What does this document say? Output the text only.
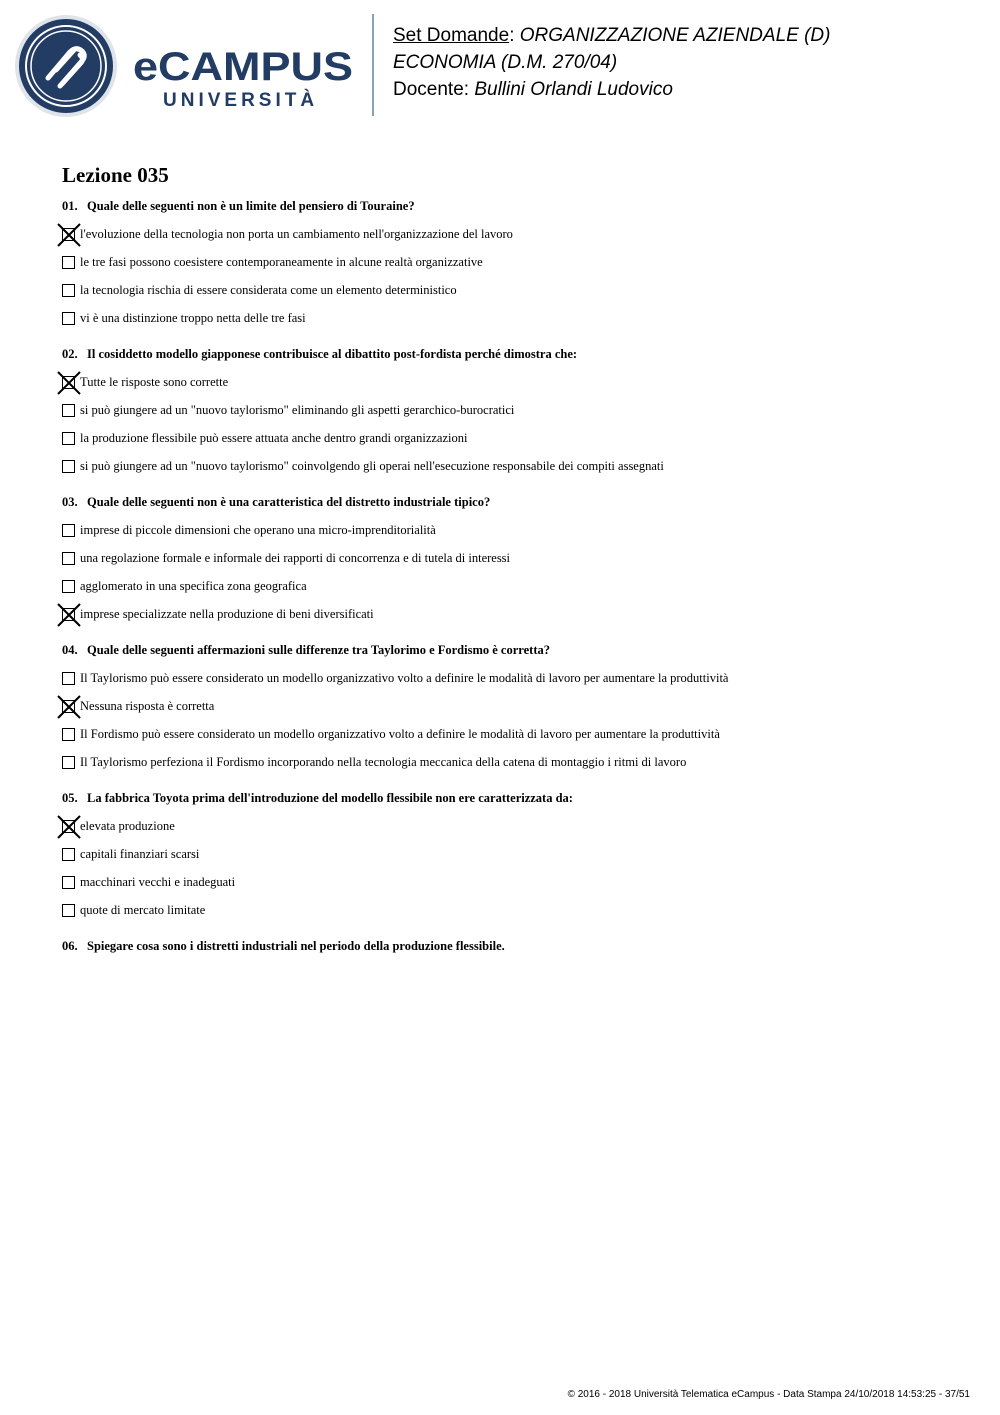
eCAMPUS
UNIVERSITÀ
Set Domande: ORGANIZZAZIONE AZIENDALE (D)
ECONOMIA (D.M. 270/04)
Docente: Bullini Orlandi Ludovico
Lezione 035
01. Quale delle seguenti non è un limite del pensiero di Touraine?
l'evoluzione della tecnologia non porta un cambiamento nell'organizzazione del lavoro
le tre fasi possono coesistere contemporaneamente in alcune realtà organizzative
la tecnologia rischia di essere considerata come un elemento deterministico
vi è una distinzione troppo netta delle tre fasi
02. Il cosiddetto modello giapponese contribuisce al dibattito post-fordista perché dimostra che:
Tutte le risposte sono corrette
si può giungere ad un "nuovo taylorismo" eliminando gli aspetti gerarchico-burocratici
la produzione flessibile può essere attuata anche dentro grandi organizzazioni
si può giungere ad un "nuovo taylorismo" coinvolgendo gli operai nell'esecuzione responsabile dei compiti assegnati
03. Quale delle seguenti non è una caratteristica del distretto industriale tipico?
imprese di piccole dimensioni che operano una micro-imprenditorialità
una regolazione formale e informale dei rapporti di concorrenza e di tutela di interessi
agglomerato in una specifica zona geografica
imprese specializzate nella produzione di beni diversificati
04. Quale delle seguenti affermazioni sulle differenze tra Taylorimo e Fordismo è corretta?
Il Taylorismo può essere considerato un modello organizzativo volto a definire le modalità di lavoro per aumentare la produttività
Nessuna risposta è corretta
Il Fordismo può essere considerato un modello organizzativo volto a definire le modalità di lavoro per aumentare la produttività
Il Taylorismo perfeziona il Fordismo incorporando nella tecnologia meccanica della catena di montaggio i ritmi di lavoro
05. La fabbrica Toyota prima dell'introduzione del modello flessibile non ere caratterizzata da:
elevata produzione
capitali finanziari scarsi
macchinari vecchi e inadeguati
quote di mercato limitate
06. Spiegare cosa sono i distretti industriali nel periodo della produzione flessibile.
© 2016 - 2018 Università Telematica eCampus - Data Stampa 24/10/2018 14:53:25 - 37/51
